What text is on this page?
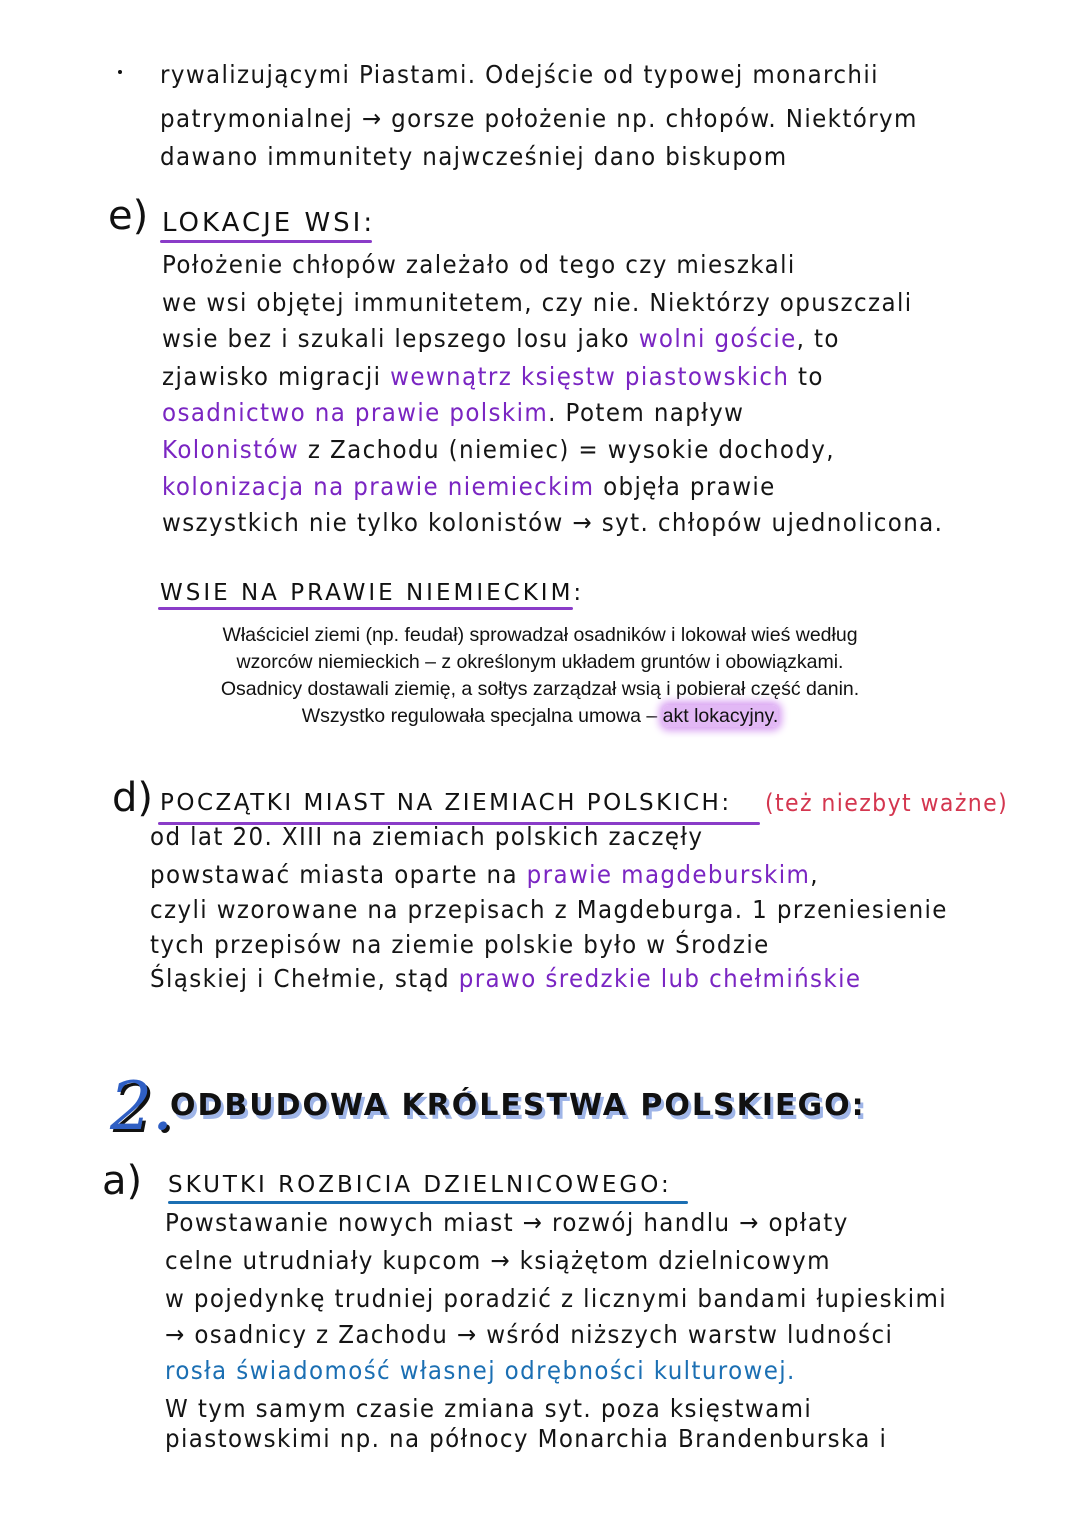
rywalizującymi Piastami. Odejście od typowej monarchii
patrymonialnej → gorsze położenie np. chłopów. Niektórym
dawano immunitety najwcześniej dano biskupom
e) LOKACJE WSI:
Położenie chłopów zależało od tego czy mieszkali
we wsi objętej immunitetem, czy nie. Niektórzy opuszczali
wsie bez i szukali lepszego losu jako wolni goście, to
zjawisko migracji wewnątrz księstw piastowskich to
osadnictwo na prawie polskim. Potem napływ
Kolonistów z Zachodu (niemiec) = wysokie dochody,
kolonizacja na prawie niemieckim objęła prawie
wszystkich nie tylko kolonistów → syt. chłopów ujednolicona.
WSIE NA PRAWIE NIEMIECKIM:
Właściciel ziemi (np. feudał) sprowadzał osadników i lokował wieś według
wzorców niemieckich – z określonym układem gruntów i obowiązkami.
Osadnicy dostawali ziemię, a sołtys zarządzał wsią i pobierał część danin.
Wszystko regulowała specjalna umowa – akt lokacyjny.
d) POCZĄTKI MIAST NA ZIEMIACH POLSKICH: (też niezbyt ważne)
od lat 20. XIII na ziemiach polskich zaczęły
powstawać miasta oparte na prawie magdeburskim,
czyli wzorowane na przepisach z Magdeburga. 1 przeniesienie
tych przepisów na ziemie polskie było w Środzie
Śląskiej i Chełmie, stąd prawo średzkie lub chełmińskie
2.
ODBUDOWA KRÓLESTWA POLSKIEGO:
a) SKUTKI ROZBICIA DZIELNICOWEGO:
Powstawanie nowych miast → rozwój handlu → opłaty
celne utrudniały kupcom → książętom dzielnicowym
w pojedynkę trudniej poradzić z licznymi bandami łupieskimi
→ osadnicy z Zachodu → wśród niższych warstw ludności
rosła świadomość własnej odrębności kulturowej.
W tym samym czasie zmiana syt. poza księstwami
piastowskimi np. na północy Monarchia Brandenburska i
